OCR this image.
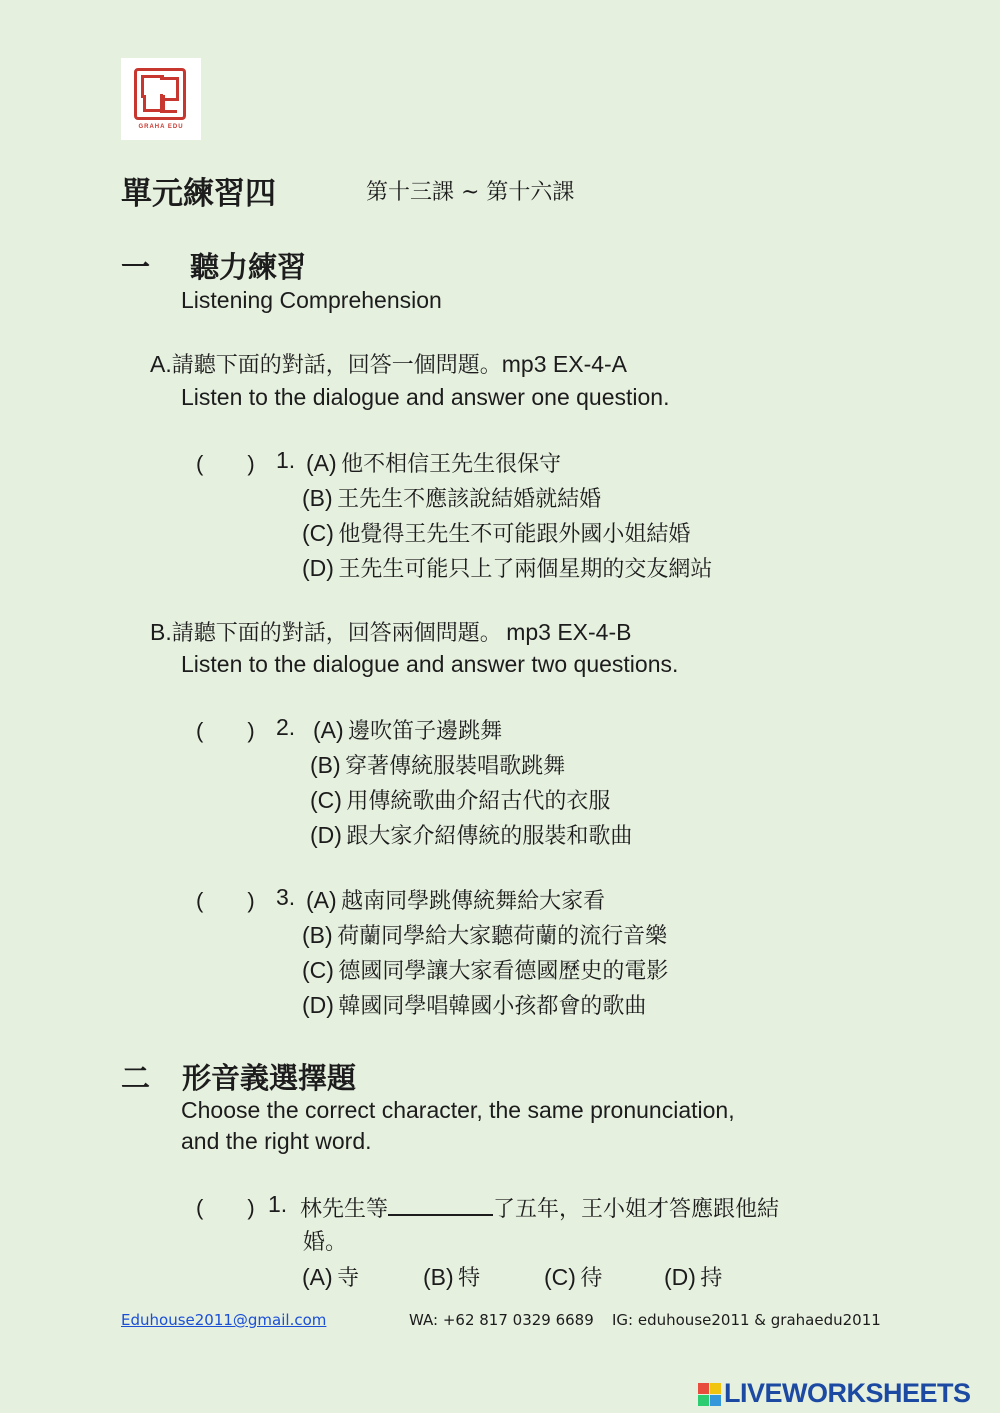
GRAHA EDU
單元練習四	第十三課 ~ 第十六課
一 聽力練習
Listening Comprehension
A.請聽下面的對話，回答一個問題。mp3 EX-4-A
Listen to the dialogue and answer one question.
(　　) 1. (A) 他不相信王先生很保守
(B) 王先生不應該說結婚就結婚
(C) 他覺得王先生不可能跟外國小姐結婚
(D) 王先生可能只上了兩個星期的交友網站
B.請聽下面的對話，回答兩個問題。 mp3 EX-4-B
Listen to the dialogue and answer two questions.
(　　) 2. (A) 邊吹笛子邊跳舞
(B) 穿著傳統服裝唱歌跳舞
(C) 用傳統歌曲介紹古代的衣服
(D) 跟大家介紹傳統的服裝和歌曲
(　　) 3. (A) 越南同學跳傳統舞給大家看
(B) 荷蘭同學給大家聽荷蘭的流行音樂
(C) 德國同學讓大家看德國歷史的電影
(D) 韓國同學唱韓國小孩都會的歌曲
二 形音義選擇題
Choose the correct character, the same pronunciation,
and the right word.
(　　) 1. 林先生等	了五年，王小姐才答應跟他結
婚。
(A) 寺	(B) 特	(C) 待	(D) 持
Eduhouse2011@gmail.com	WA: +62 817 0329 6689 IG: eduhouse2011 & grahaedu2011
LIVEWORKSHEETS
